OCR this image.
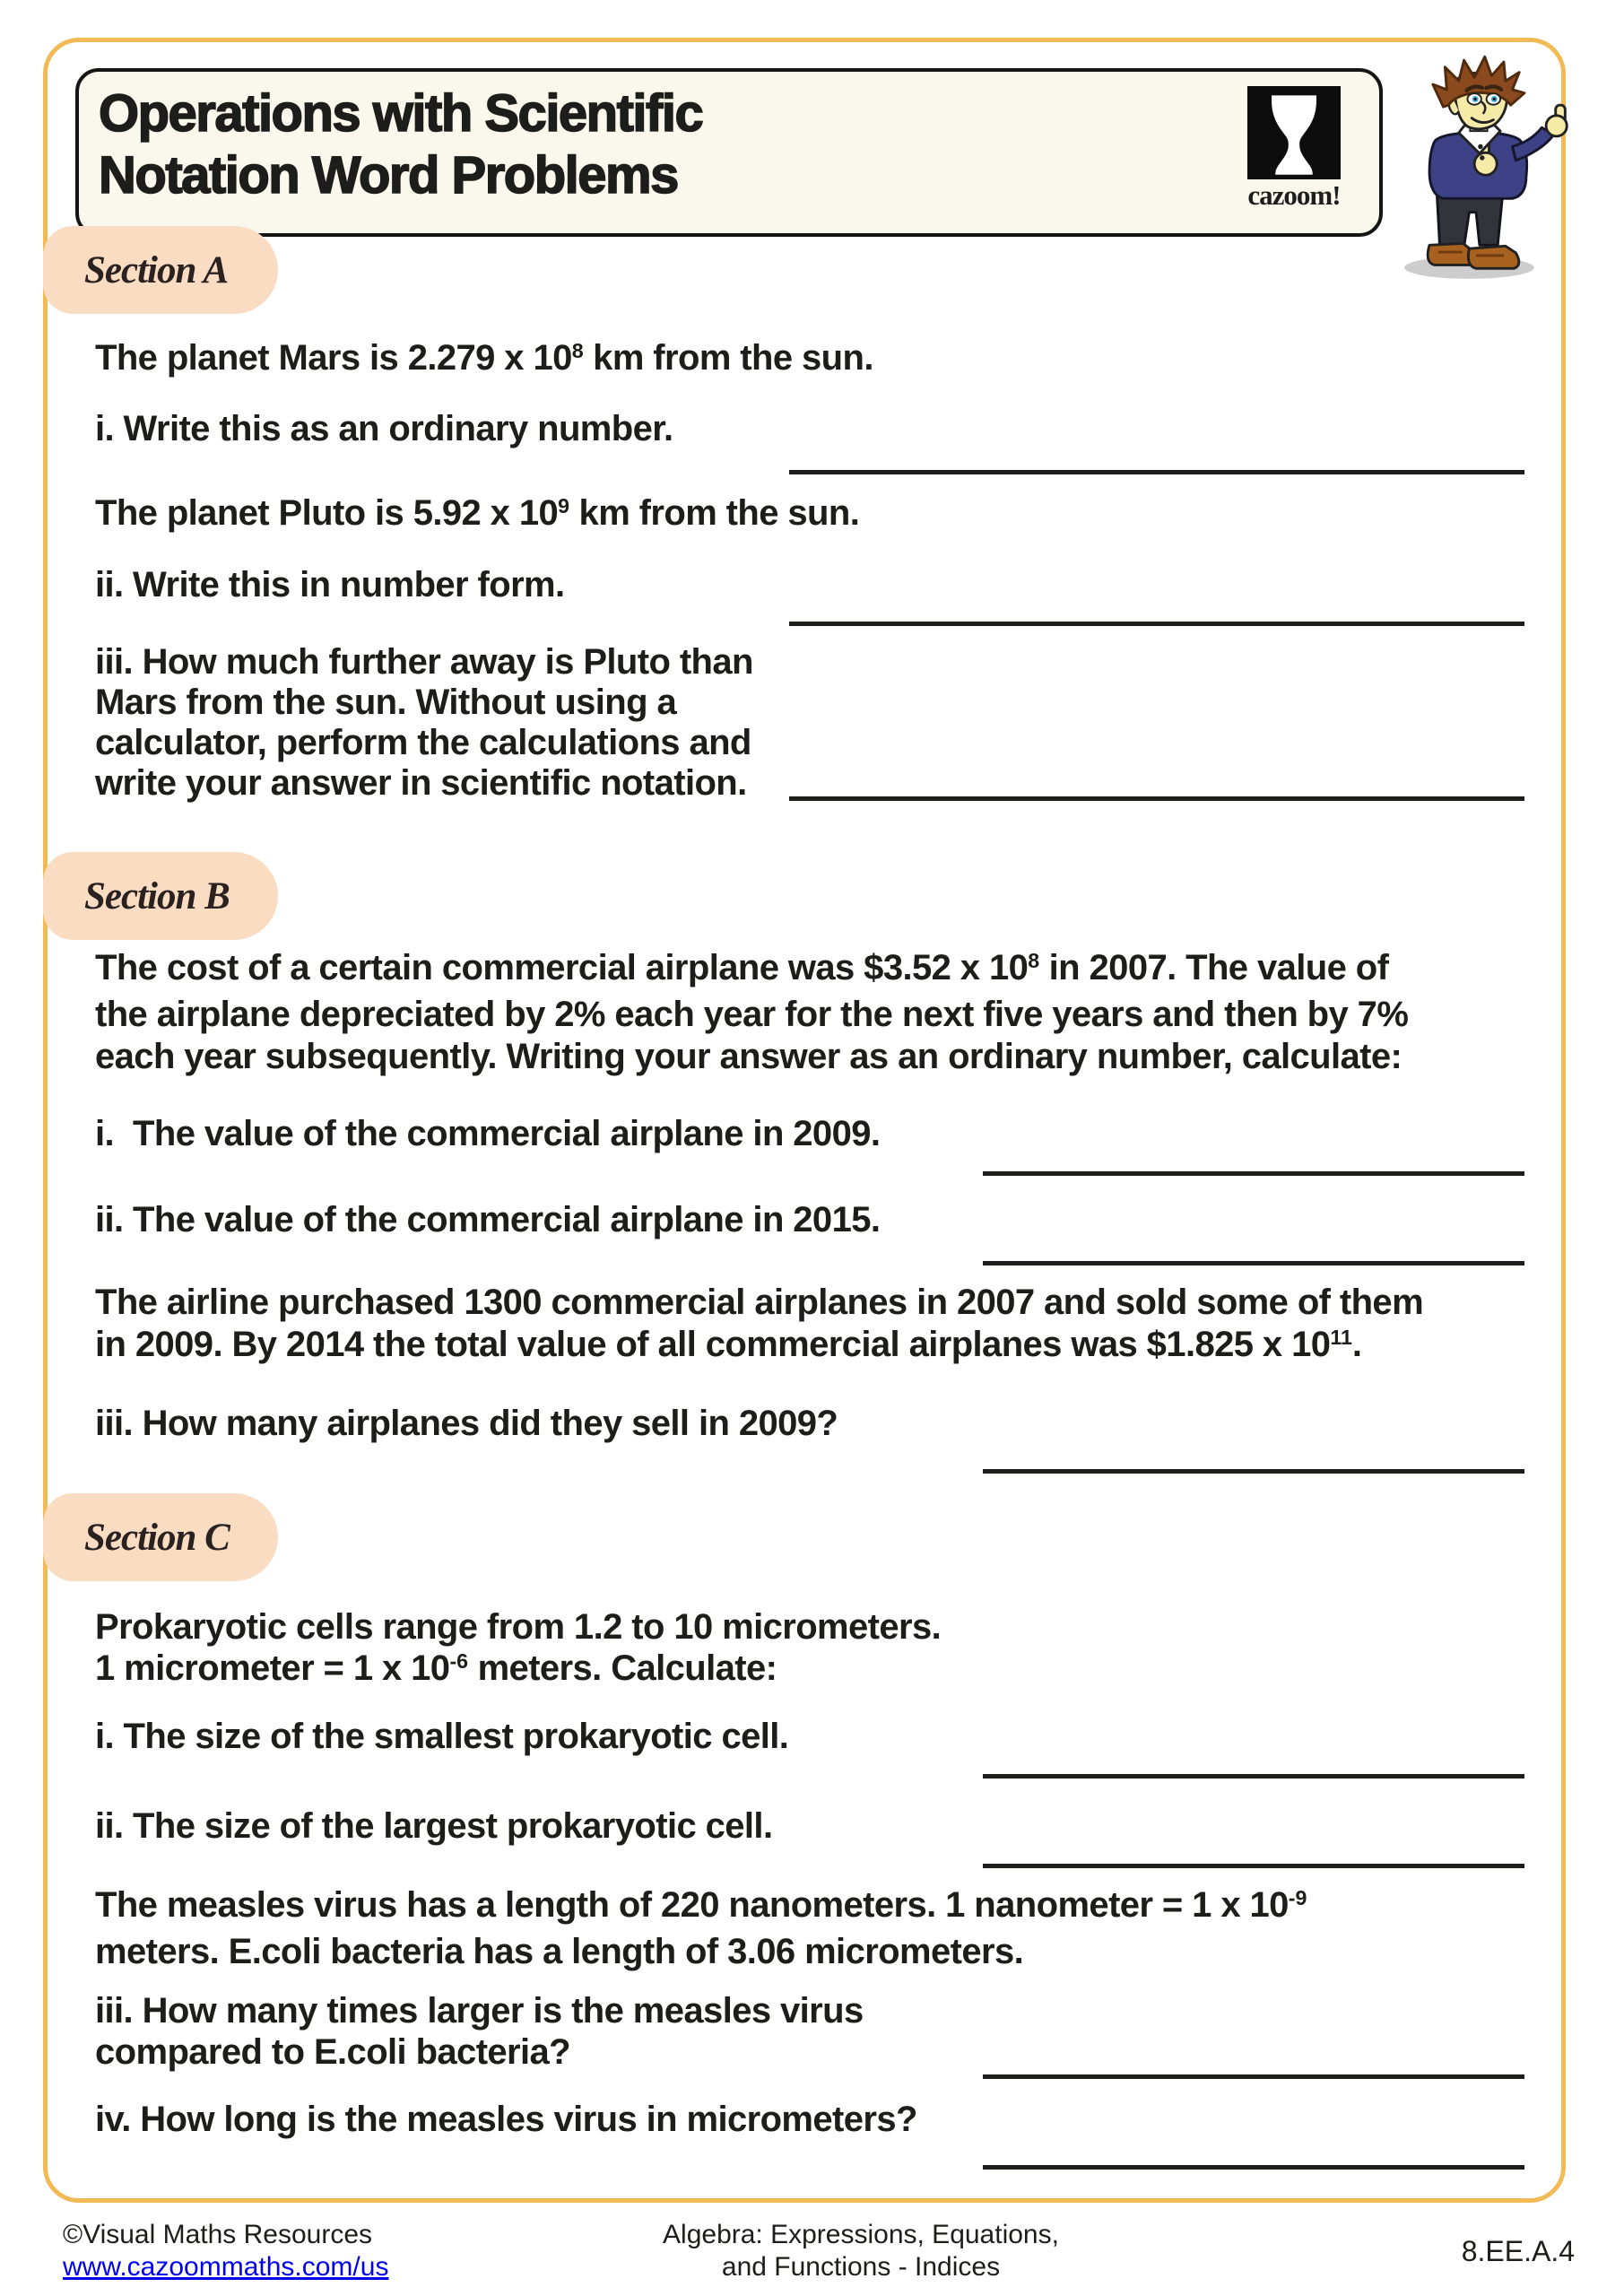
Operations with Scientific
Notation Word Problems	cazoom!
Section A
The planet Mars is 2.279 x $10^8$ km from the sun.
i. Write this as an ordinary number.
The planet Pluto is 5.92 x $10^9$ km from the sun.
ii. Write this in number form.
iii. How much further away is Pluto than
Mars from the sun. Without using a
calculator, perform the calculations and
write your answer in scientific notation.
Section B
The cost of a certain commercial airplane was $3.52 x $10^8$ in 2007. The value of
the airplane depreciated by 2% each year for the next five years and then by 7%
each year subsequently. Writing your answer as an ordinary number, calculate:
i.  The value of the commercial airplane in 2009.
ii. The value of the commercial airplane in 2015.
The airline purchased 1300 commercial airplanes in 2007 and sold some of them
in 2009. By 2014 the total value of all commercial airplanes was $1.825 x $10^{11}$.
iii. How many airplanes did they sell in 2009?
Section C
Prokaryotic cells range from 1.2 to 10 micrometers.
1 micrometer = 1 x $10^{-6}$ meters. Calculate:
i. The size of the smallest prokaryotic cell.
ii. The size of the largest prokaryotic cell.
The measles virus has a length of 220 nanometers. 1 nanometer = 1 x $10^{-9}$
meters. E.coli bacteria has a length of 3.06 micrometers.
iii. How many times larger is the measles virus
compared to E.coli bacteria?
iv. How long is the measles virus in micrometers?
©Visual Maths Resources
www.cazoommaths.com/us
Algebra: Expressions, Equations,
and Functions - Indices	8.EE.A.4
